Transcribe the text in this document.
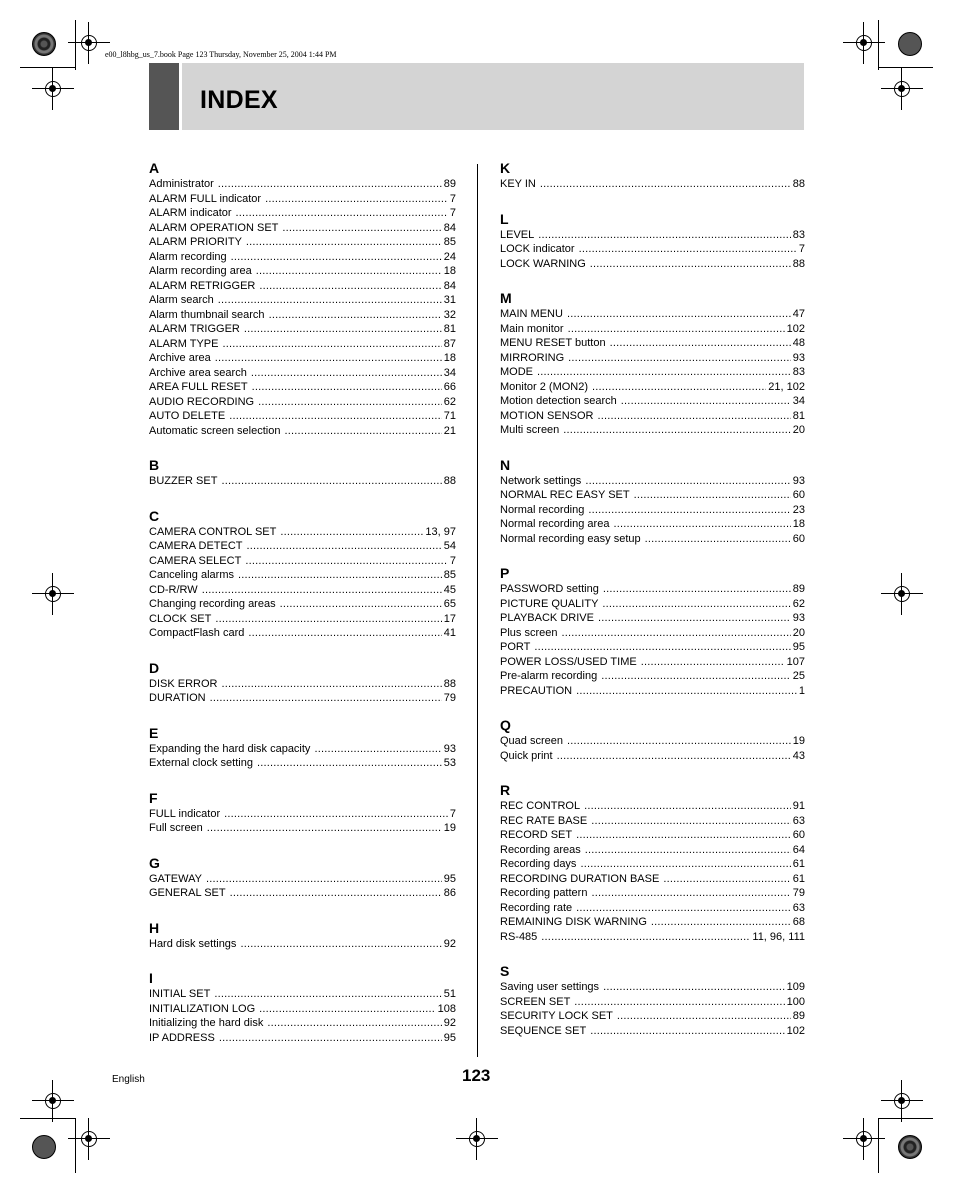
e00_l8hbg_us_7.book Page 123 Thursday, November 25, 2004 1:44 PM
INDEX
A
Administrator .....	89
ALARM FULL indicator .....	7
ALARM indicator .....	7
ALARM OPERATION SET .....	84
ALARM PRIORITY .....	85
Alarm recording .....	24
Alarm recording area .....	18
ALARM RETRIGGER .....	84
Alarm search .....	31
Alarm thumbnail search .....	32
ALARM TRIGGER .....	81
ALARM TYPE .....	87
Archive area .....	18
Archive area search .....	34
AREA FULL RESET .....	66
AUDIO RECORDING .....	62
AUTO DELETE .....	71
Automatic screen selection .....	21
B
BUZZER SET .....	88
C
CAMERA CONTROL SET .....	13, 97
CAMERA DETECT .....	54
CAMERA SELECT .....	7
Canceling alarms .....	85
CD-R/RW .....	45
Changing recording areas .....	65
CLOCK SET .....	17
CompactFlash card .....	41
D
DISK ERROR .....	88
DURATION .....	79
E
Expanding the hard disk capacity .....	93
External clock setting .....	53
F
FULL indicator .....	7
Full screen .....	19
G
GATEWAY .....	95
GENERAL SET .....	86
H
Hard disk settings .....	92
I
INITIAL SET .....	51
INITIALIZATION LOG .....	108
Initializing the hard disk .....	92
IP ADDRESS .....	95
K
KEY IN .....	88
L
LEVEL .....	83
LOCK indicator .....	7
LOCK WARNING .....	88
M
MAIN MENU .....	47
Main monitor .....	102
MENU RESET button .....	48
MIRRORING .....	93
MODE .....	83
Monitor 2 (MON2) .....	21, 102
Motion detection search .....	34
MOTION SENSOR .....	81
Multi screen .....	20
N
Network settings .....	93
NORMAL REC EASY SET .....	60
Normal recording .....	23
Normal recording area .....	18
Normal recording easy setup .....	60
P
PASSWORD setting .....	89
PICTURE QUALITY .....	62
PLAYBACK DRIVE .....	93
Plus screen .....	20
PORT .....	95
POWER LOSS/USED TIME .....	107
Pre-alarm recording .....	25
PRECAUTION .....	1
Q
Quad screen .....	19
Quick print .....	43
R
REC CONTROL .....	91
REC RATE BASE .....	63
RECORD SET .....	60
Recording areas .....	64
Recording days .....	61
RECORDING DURATION BASE .....	61
Recording pattern .....	79
Recording rate .....	63
REMAINING DISK WARNING .....	68
RS-485 .....	11, 96, 111
S
Saving user settings .....	109
SCREEN SET .....	100
SECURITY LOCK SET .....	89
SEQUENCE SET .....	102
English	123
